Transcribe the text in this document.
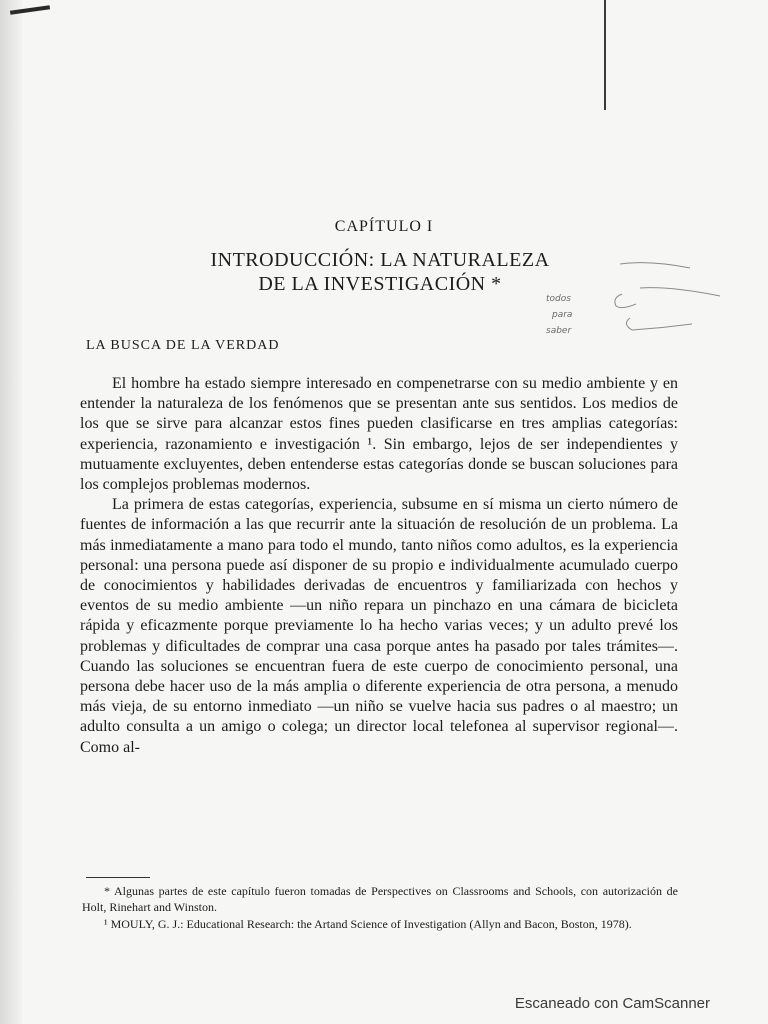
CAPÍTULO I
INTRODUCCIÓN: LA NATURALEZA
DE LA INVESTIGACIÓN *
todos
para
saber
LA BUSCA DE LA VERDAD

El hombre ha estado siempre interesado en compenetrarse con su medio ambiente y en entender la naturaleza de los fenómenos que se presentan ante sus sentidos. Los medios de los que se sirve para alcanzar estos fines pueden clasificarse en tres amplias categorías: experiencia, razonamiento e investigación ¹. Sin embargo, lejos de ser independientes y mutuamente excluyentes, deben entenderse estas categorías donde se buscan soluciones para los complejos problemas modernos.

La primera de estas categorías, experiencia, subsume en sí misma un cierto número de fuentes de información a las que recurrir ante la situación de resolución de un problema. La más inmediatamente a mano para todo el mundo, tanto niños como adultos, es la experiencia personal: una persona puede así disponer de su propio e individualmente acumulado cuerpo de conocimientos y habilidades derivadas de encuentros y familiarizada con hechos y eventos de su medio ambiente —un niño repara un pinchazo en una cámara de bicicleta rápida y eficazmente porque previamente lo ha hecho varias veces; y un adulto prevé los problemas y dificultades de comprar una casa porque antes ha pasado por tales trámites—. Cuando las soluciones se encuentran fuera de este cuerpo de conocimiento personal, una persona debe hacer uso de la más amplia o diferente experiencia de otra persona, a menudo más vieja, de su entorno inmediato —un niño se vuelve hacia sus padres o al maestro; un adulto consulta a un amigo o colega; un director local telefonea al supervisor regional—. Como al-

* Algunas partes de este capítulo fueron tomadas de Perspectives on Classrooms and Schools, con autorización de Holt, Rinehart and Winston.

¹ MOULY, G. J.: Educational Research: the Artand Science of Investigation (Allyn and Bacon, Boston, 1978).

Escaneado con CamScanner
